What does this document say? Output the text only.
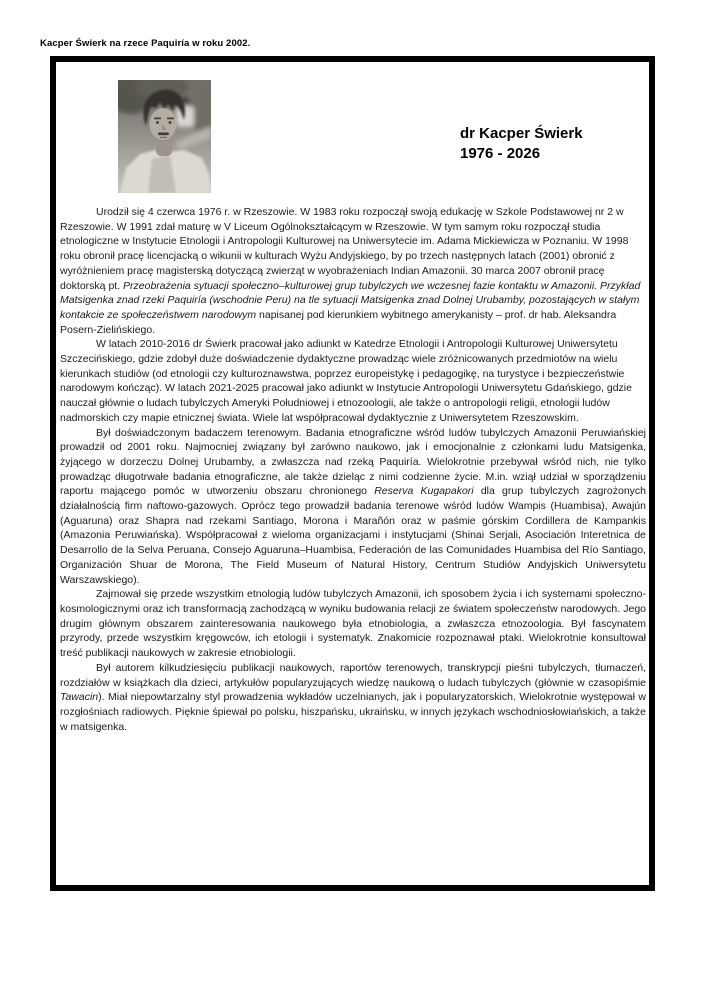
Kacper Świerk na rzece Paquiría w roku 2002.
dr Kacper Świerk
1976 - 2026

Urodził się 4 czerwca 1976 r. w Rzeszowie. W 1983 roku rozpoczął swoją edukację w Szkole Podstawowej nr 2 w Rzeszowie. W 1991 zdał maturę w V Liceum Ogólnokształcącym w Rzeszowie. W tym samym roku rozpoczął studia etnologiczne w Instytucie Etnologii i Antropologii Kulturowej na Uniwersytecie im. Adama Mickiewicza w Poznaniu. W 1998 roku obronił pracę licencjacką o wikunii w kulturach Wyżu Andyjskiego, by po trzech następnych latach (2001) obronić z wyróżnieniem pracę magisterską dotyczącą zwierząt w wyobrażeniach Indian Amazonii. 30 marca 2007 obronił pracę doktorską pt. Przeobrażenia sytuacji społeczno–kulturowej grup tubylczych we wczesnej fazie kontaktu w Amazonii. Przykład Matsigenka znad rzeki Paquiría (wschodnie Peru) na tle sytuacji Matsigenka znad Dolnej Urubamby, pozostających w stałym kontakcie ze społeczeństwem narodowym napisanej pod kierunkiem wybitnego amerykanisty – prof. dr hab. Aleksandra Posern-Zielińskiego.

W latach 2010-2016 dr Świerk pracował jako adiunkt w Katedrze Etnologii i Antropologii Kulturowej Uniwersytetu Szczecińskiego, gdzie zdobył duże doświadczenie dydaktyczne prowadząc wiele zróżnicowanych przedmiotów na wielu kierunkach studiów (od etnologii czy kulturoznawstwa, poprzez europeistykę i pedagogikę, na turystyce i bezpieczeństwie narodowym kończąc). W latach 2021-2025 pracował jako adiunkt w Instytucie Antropologii Uniwersytetu Gdańskiego, gdzie nauczał głównie o ludach tubylczych Ameryki Południowej i etnozoologii, ale także o antropologii religii, etnologii ludów nadmorskich czy mapie etnicznej świata. Wiele lat współpracował dydaktycznie z Uniwersytetem Rzeszowskim.

Był doświadczonym badaczem terenowym. Badania etnograficzne wśród ludów tubylczych Amazonii Peruwiańskiej prowadził od 2001 roku. Najmocniej związany był zarówno naukowo, jak i emocjonalnie z członkami ludu Matsigenka, żyjącego w dorzeczu Dolnej Urubamby, a zwłaszcza nad rzeką Paquiría. Wielokrotnie przebywał wśród nich, nie tylko prowadząc długotrwałe badania etnograficzne, ale także dzieląc z nimi codzienne życie. M.in. wziął udział w sporządzeniu raportu mającego pomóc w utworzeniu obszaru chronionego Reserva Kugapakori dla grup tubylczych zagrożonych działalnością firm naftowo-gazowych. Oprócz tego prowadził badania terenowe wśród ludów Wampis (Huambisa), Awajún (Aguaruna) oraz Shapra nad rzekami Santiago, Morona i Marañón oraz w paśmie górskim Cordillera de Kampankis (Amazonia Peruwiańska). Współpracował z wieloma organizacjami i instytucjami (Shinai Serjali, Asociación Interetnica de Desarrollo de la Selva Peruana, Consejo Aguaruna–Huambisa, Federación de las Comunidades Huambisa del Río Santiago, Organización Shuar de Morona, The Field Museum of Natural History, Centrum Studiów Andyjskich Uniwersytetu Warszawskiego).

Zajmował się przede wszystkim etnologią ludów tubylczych Amazonii, ich sposobem życia i ich systemami społeczno-kosmologicznymi oraz ich transformacją zachodzącą w wyniku budowania relacji ze światem społeczeństw narodowych. Jego drugim głównym obszarem zainteresowania naukowego była etnobiologia, a zwłaszcza etnozoologia. Był fascynatem przyrody, przede wszystkim kręgowców, ich etologii i systematyk. Znakomicie rozpoznawał ptaki. Wielokrotnie konsultował treść publikacji naukowych w zakresie etnobiologii.

Był autorem kilkudziesięciu publikacji naukowych, raportów terenowych, transkrypcji pieśni tubylczych, tłumaczeń, rozdziałów w książkach dla dzieci, artykułów popularyzujących wiedzę naukową o ludach tubylczych (głównie w czasopiśmie Tawacin). Miał niepowtarzalny styl prowadzenia wykładów uczelnianych, jak i popularyzatorskich. Wielokrotnie występował w rozgłośniach radiowych. Pięknie śpiewał po polsku, hiszpańsku, ukraińsku, w innych językach wschodniosłowiańskich, a także w matsigenka.
